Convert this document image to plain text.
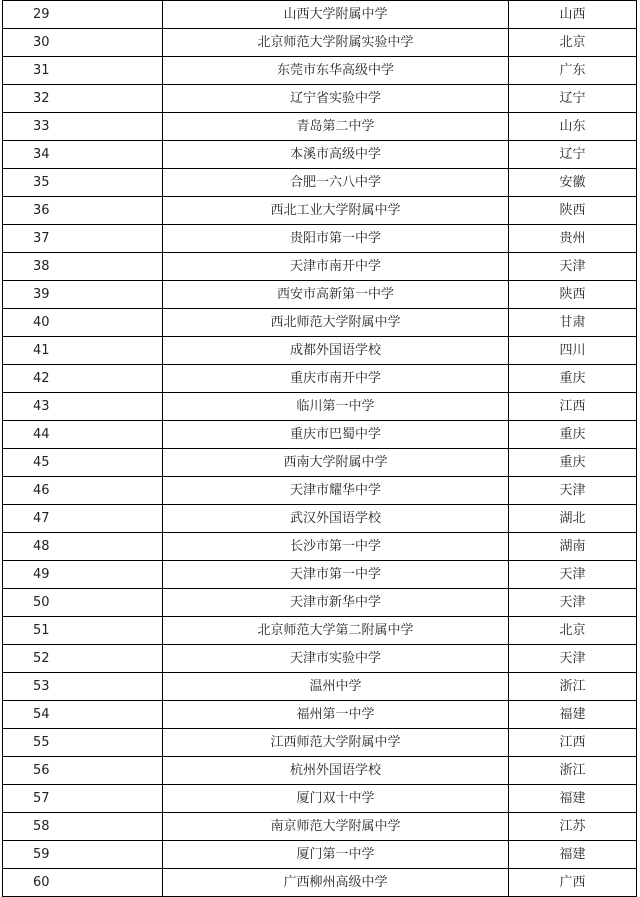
29	山西大学附属中学	山西
30	北京师范大学附属实验中学	北京
31	东莞市东华高级中学	广东
32	辽宁省实验中学	辽宁
33	青岛第二中学	山东
34	本溪市高级中学	辽宁
35	合肥一六八中学	安徽
36	西北工业大学附属中学	陕西
37	贵阳市第一中学	贵州
38	天津市南开中学	天津
39	西安市高新第一中学	陕西
40	西北师范大学附属中学	甘肃
41	成都外国语学校	四川
42	重庆市南开中学	重庆
43	临川第一中学	江西
44	重庆市巴蜀中学	重庆
45	西南大学附属中学	重庆
46	天津市耀华中学	天津
47	武汉外国语学校	湖北
48	长沙市第一中学	湖南
49	天津市第一中学	天津
50	天津市新华中学	天津
51	北京师范大学第二附属中学	北京
52	天津市实验中学	天津
53	温州中学	浙江
54	福州第一中学	福建
55	江西师范大学附属中学	江西
56	杭州外国语学校	浙江
57	厦门双十中学	福建
58	南京师范大学附属中学	江苏
59	厦门第一中学	福建
60	广西柳州高级中学	广西
